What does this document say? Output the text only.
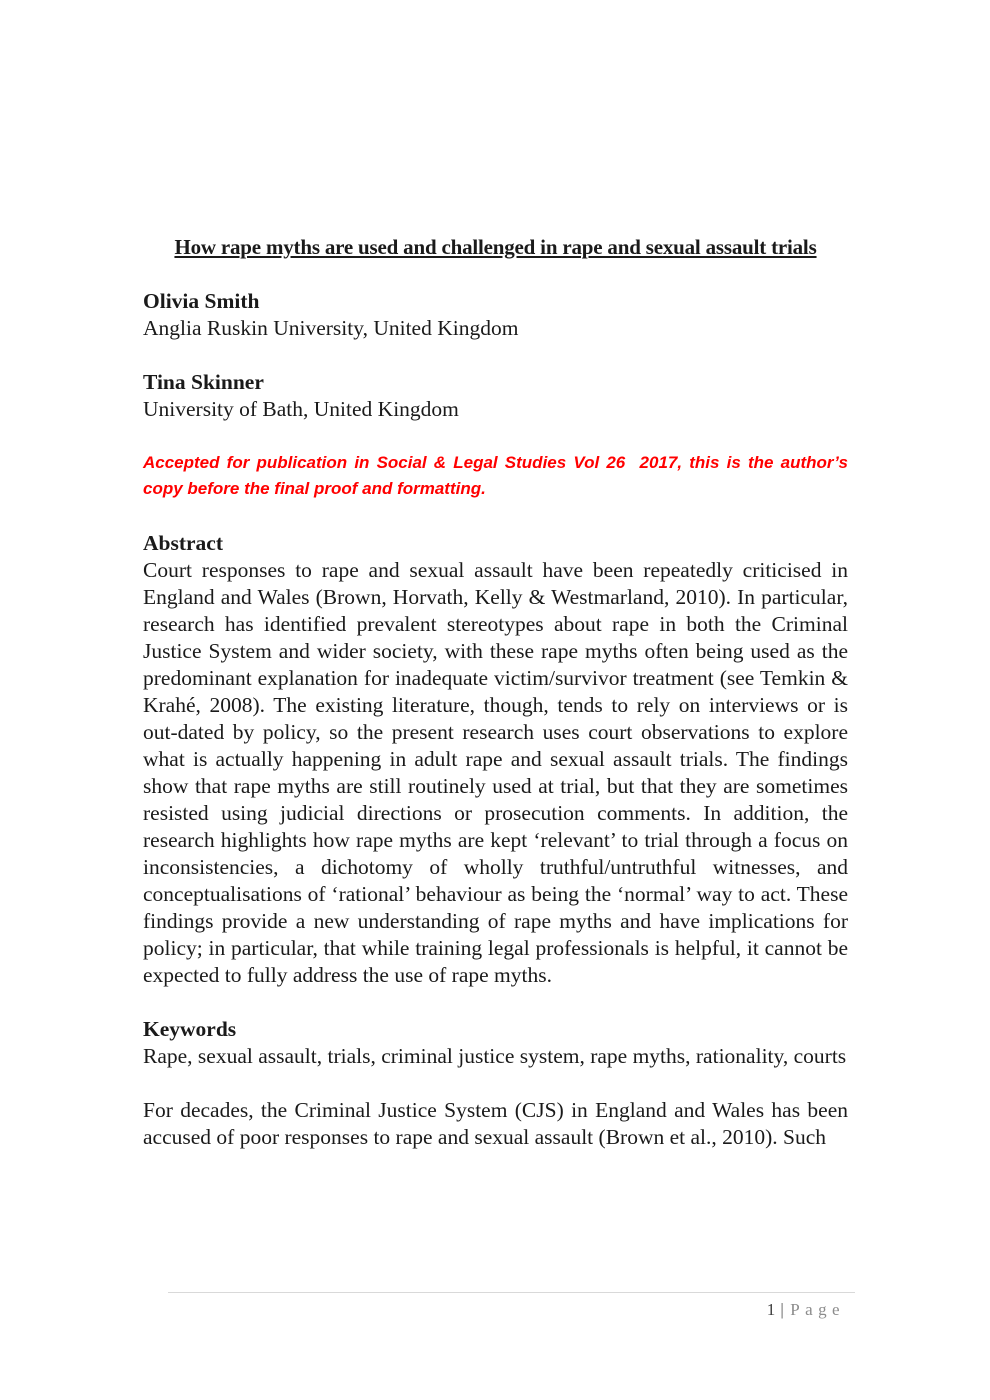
How rape myths are used and challenged in rape and sexual assault trials
Olivia Smith
Anglia Ruskin University, United Kingdom
Tina Skinner
University of Bath, United Kingdom

Accepted for publication in Social & Legal Studies Vol 26  2017, this is the author’s copy before the final proof and formatting.

Abstract

Court responses to rape and sexual assault have been repeatedly criticised in England and Wales (Brown, Horvath, Kelly & Westmarland, 2010). In particular, research has identified prevalent stereotypes about rape in both the Criminal Justice System and wider society, with these rape myths often being used as the predominant explanation for inadequate victim/survivor treatment (see Temkin & Krahé, 2008). The existing literature, though, tends to rely on interviews or is out-dated by policy, so the present research uses court observations to explore what is actually happening in adult rape and sexual assault trials. The findings show that rape myths are still routinely used at trial, but that they are sometimes resisted using judicial directions or prosecution comments. In addition, the research highlights how rape myths are kept ‘relevant’ to trial through a focus on inconsistencies, a dichotomy of wholly truthful/untruthful witnesses, and conceptualisations of ‘rational’ behaviour as being the ‘normal’ way to act. These findings provide a new understanding of rape myths and have implications for policy; in particular, that while training legal professionals is helpful, it cannot be expected to fully address the use of rape myths.

Keywords

Rape, sexual assault, trials, criminal justice system, rape myths, rationality, courts

For decades, the Criminal Justice System (CJS) in England and Wales has been accused of poor responses to rape and sexual assault (Brown et al., 2010). Such

1 | Page
